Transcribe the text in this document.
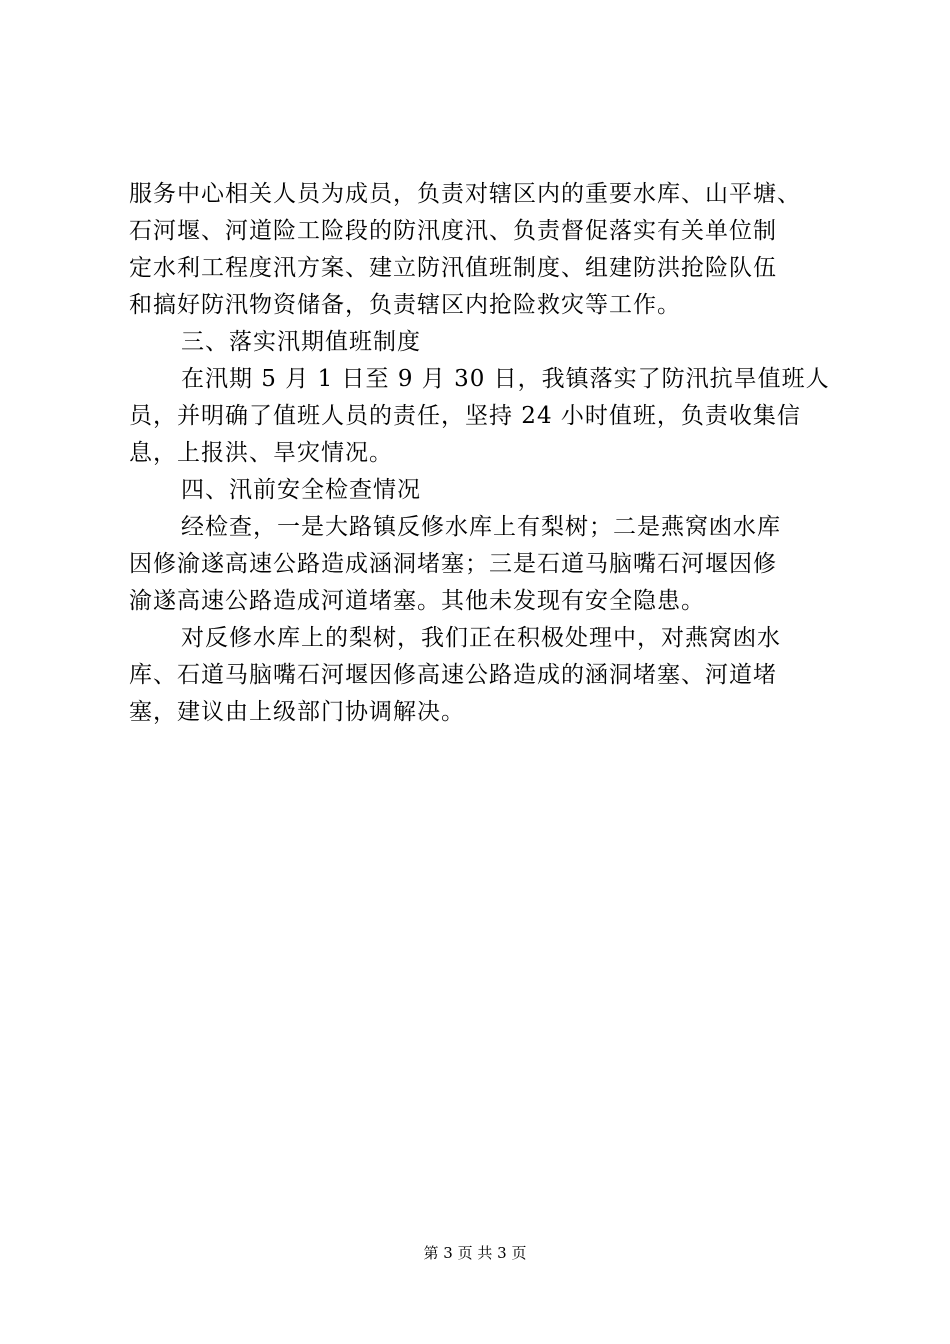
服务中心相关人员为成员，负责对辖区内的重要水库、山平塘、
石河堰、河道险工险段的防汛度汛、负责督促落实有关单位制
定水利工程度汛方案、建立防汛值班制度、组建防洪抢险队伍
和搞好防汛物资储备，负责辖区内抢险救灾等工作。
三、落实汛期值班制度
在汛期 5 月 1 日至 9 月 30 日，我镇落实了防汛抗旱值班人
员，并明确了值班人员的责任，坚持 24 小时值班，负责收集信
息，上报洪、旱灾情况。
四、汛前安全检查情况
经检查，一是大路镇反修水库上有梨树；二是燕窝凼水库
因修渝遂高速公路造成涵洞堵塞；三是石道马脑嘴石河堰因修
渝遂高速公路造成河道堵塞。其他未发现有安全隐患。
对反修水库上的梨树，我们正在积极处理中，对燕窝凼水
库、石道马脑嘴石河堰因修高速公路造成的涵洞堵塞、河道堵
塞，建议由上级部门协调解决。
第 3 页 共 3 页
